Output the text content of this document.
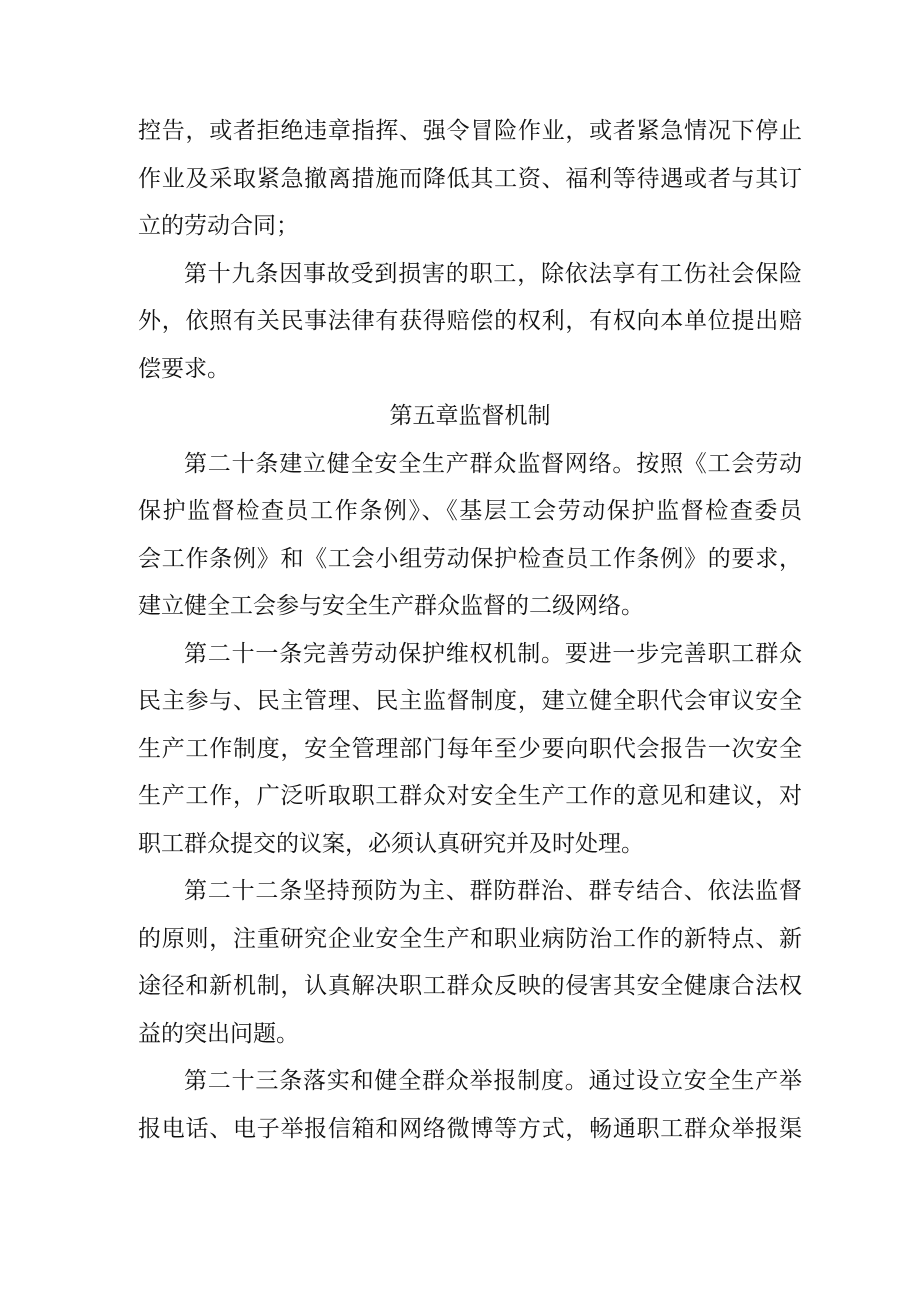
控告，或者拒绝违章指挥、强令冒险作业，或者紧急情况下停止
作业及采取紧急撤离措施而降低其工资、福利等待遇或者与其订
立的劳动合同；
第十九条因事故受到损害的职工，除依法享有工伤社会保险
外，依照有关民事法律有获得赔偿的权利，有权向本单位提出赔
偿要求。
第五章监督机制
第二十条建立健全安全生产群众监督网络。按照《工会劳动
保护监督检查员工作条例》、《基层工会劳动保护监督检查委员
会工作条例》和《工会小组劳动保护检查员工作条例》的要求，
建立健全工会参与安全生产群众监督的二级网络。
第二十一条完善劳动保护维权机制。要进一步完善职工群众
民主参与、民主管理、民主监督制度，建立健全职代会审议安全
生产工作制度，安全管理部门每年至少要向职代会报告一次安全
生产工作，广泛听取职工群众对安全生产工作的意见和建议，对
职工群众提交的议案，必须认真研究并及时处理。
第二十二条坚持预防为主、群防群治、群专结合、依法监督
的原则，注重研究企业安全生产和职业病防治工作的新特点、新
途径和新机制，认真解决职工群众反映的侵害其安全健康合法权
益的突出问题。
第二十三条落实和健全群众举报制度。通过设立安全生产举
报电话、电子举报信箱和网络微博等方式，畅通职工群众举报渠
